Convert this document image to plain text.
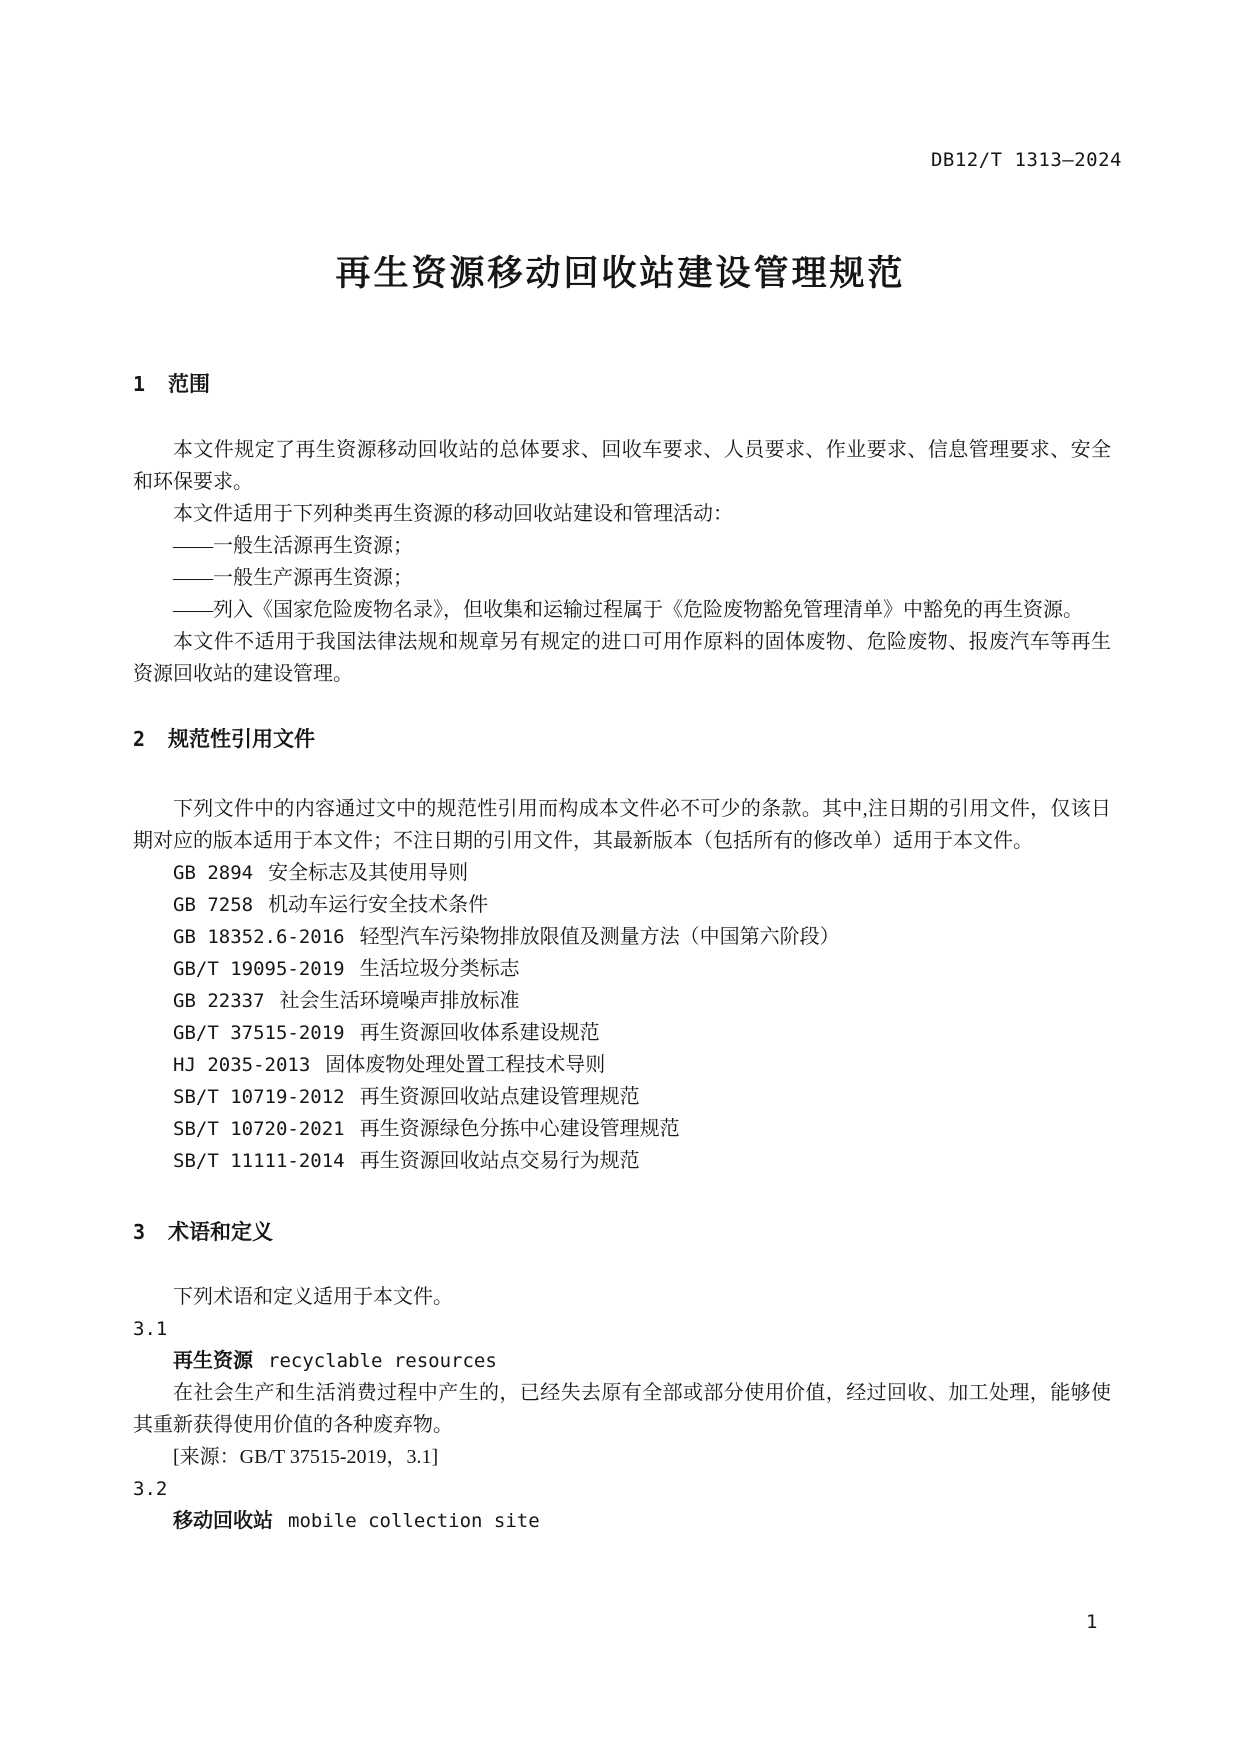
DB12/T 1313—2024
再生资源移动回收站建设管理规范
1 范围

本文件规定了再生资源移动回收站的总体要求、回收车要求、人员要求、作业要求、信息管理要求、安全和环保要求。

本文件适用于下列种类再生资源的移动回收站建设和管理活动：

——一般生活源再生资源；
——一般生产源再生资源；
——列入《国家危险废物名录》，但收集和运输过程属于《危险废物豁免管理清单》中豁免的再生资源。

本文件不适用于我国法律法规和规章另有规定的进口可用作原料的固体废物、危险废物、报废汽车等再生资源回收站的建设管理。

2 规范性引用文件

下列文件中的内容通过文中的规范性引用而构成本文件必不可少的条款。其中,注日期的引用文件，仅该日期对应的版本适用于本文件；不注日期的引用文件，其最新版本（包括所有的修改单）适用于本文件。

GB 2894 安全标志及其使用导则
GB 7258 机动车运行安全技术条件
GB 18352.6-2016 轻型汽车污染物排放限值及测量方法（中国第六阶段）
GB/T 19095-2019 生活垃圾分类标志
GB 22337 社会生活环境噪声排放标准
GB/T 37515-2019 再生资源回收体系建设规范
HJ 2035-2013 固体废物处理处置工程技术导则
SB/T 10719-2012 再生资源回收站点建设管理规范
SB/T 10720-2021 再生资源绿色分拣中心建设管理规范
SB/T 11111-2014 再生资源回收站点交易行为规范
3 术语和定义

下列术语和定义适用于本文件。

3.1
再生资源 recyclable resources

在社会生产和生活消费过程中产生的，已经失去原有全部或部分使用价值，经过回收、加工处理，能够使其重新获得使用价值的各种废弃物。

[来源：GB/T 37515-2019，3.1]
3.2
移动回收站 mobile collection site
1
